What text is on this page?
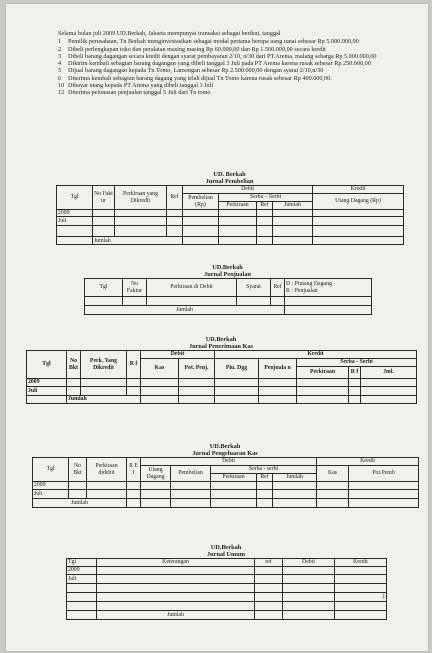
Selama bulan juli 2009 UD.Berkah, Jakarta mempunyai transaksi sebagai berikut, tanggal
1 Pemilik perusahaan, Tn Berkah menginvestasikan sebagai modal pertama berupa uang tunai sebesar Rp 5.000.000,00
2. Dibeli perlengkapan toko dan peralatan masing masing Rp 60.000,00 dan Rp 1.500.000,00 secara kredit
3 Dibeli barang dagangan secara kredit dengan syarat pembayaran 2/10, n/30 dari PT.Arema, malang seharga Rp 5.000.000,00
4 Dikirim kembali sebagian barang dagangan yang dibeli tanggal 3 Juli pada PT Arema karena rusak sebesar Rp 250.000,00
5 Dijual barang dagangan kepada Tn.Tomo, Lamongan sebesar Rp 2.500.000,00 dengan syarat 2/10,n/30
6 Diterima kembali sebagian barang dagang yang telah dijual Tn Tomo karena rusak sebesar Rp 400.000,00.
10 Dibayar utang kepada PT Arema yang dibeli tanggal 3 Juli
12 Diterima pelunasan penjualan tanggal 5 Juli dari Tn tomo
UD. Berkah
Jurnal Pembelian
Tgl	No Fakt ur	Perkiraan yang Dikredit	Ref	Debit				Kredit
				Pembelian (Rp)	Serba – Serbi			Utang Dagang (Rp)
					Perkiraan	Ref	Jumlah	
2009								
Juli								

	Jumlah							
UD.Berkah
Jurnal Penjualan
Tgl	No Faktur	Perkiraan di Debit	Syarat	Ref	D : Piutang Dagang
K : Penjualan

Jumlah					
UD.Berkah
Jurnal Penerimaan Kas
Tgl	No Bkt	Perk. Yang Dikredit	R f	Debit		Kredit				
				Kas	Pot. Penj.	Piu. Dgg	Penjuala n	Serba - Serbi		
								Perkiraan	R f	Jml.
2009										
Juli										
	Jumlah									
UD.Berkah
Jurnal Pengeluaran Kas
Tgl	No Bkt	Perkiraan didebit	R E f	Debit					Kredit	
				Utang Dagang	Pembelian	Serba - serbi			Kas	Pot.Pemb
						Perkiraan	Ref	Jumlah		
2009										
Juli										
Jumlah										
UD.Berkah
Jurnal Umum
Tgl	Keterangan	ref	Debit	Kredit
2009				
Juli				

				‡

	Jumlah			
